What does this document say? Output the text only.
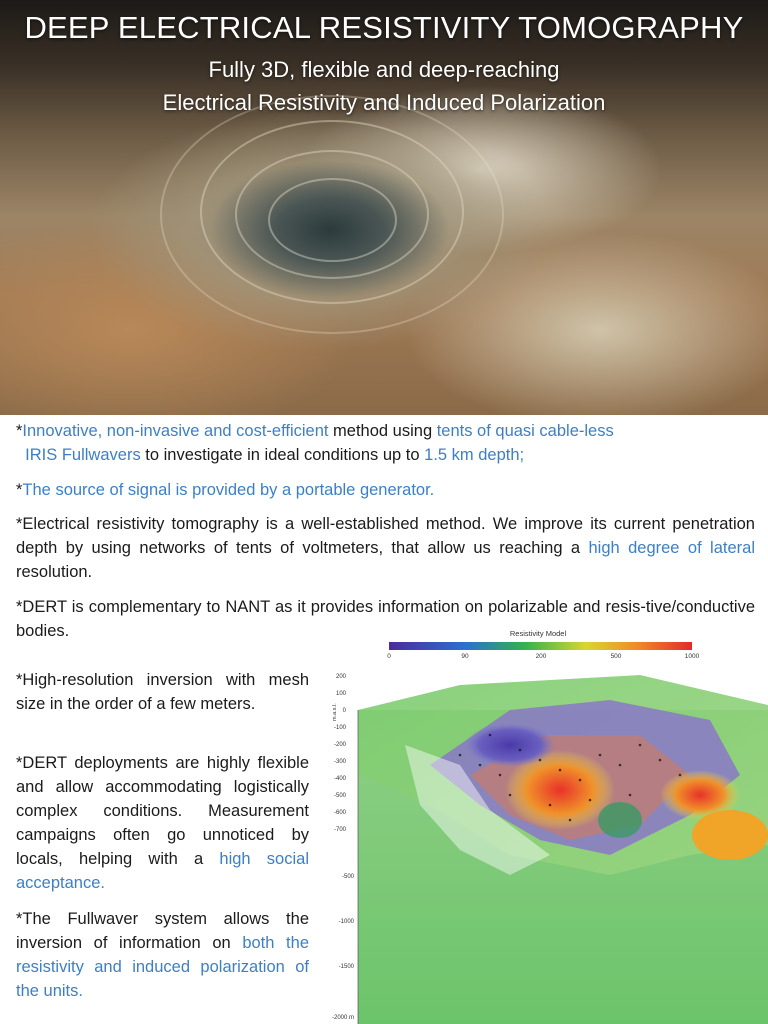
DEEP ELECTRICAL RESISTIVITY TOMOGRAPHY

Fully 3D, flexible and deep-reaching

Electrical Resistivity and Induced Polarization

*Innovative, non-invasive and cost-efficient method using tents of quasi cable-less
IRIS Fullwavers to investigate in ideal conditions up to 1.5 km depth;

*The source of signal is provided by a portable generator.

*Electrical resistivity tomography is a well-established method. We improve its current penetration depth by using networks of tents of voltmeters, that allow us reaching a high degree of lateral resolution.

*DERT is complementary to NANT as it provides information on polarizable and resis-tive/conductive bodies.

*High-resolution inversion with mesh size in the order of a few meters.

*DERT deployments are highly flexible and allow accommodating logistically complex conditions. Measurement campaigns often go unnoticed by locals, helping with a high social acceptance.

*The Fullwaver system allows the inversion of information on both the resistivity and induced polarization of the units.

Resistivity Model
0	90	200	500	1000
200
100
0
-100
-200
-300
-400
-500
-600
-700
-500
-1000
-1500
-2000 m
m.a.s.l.
